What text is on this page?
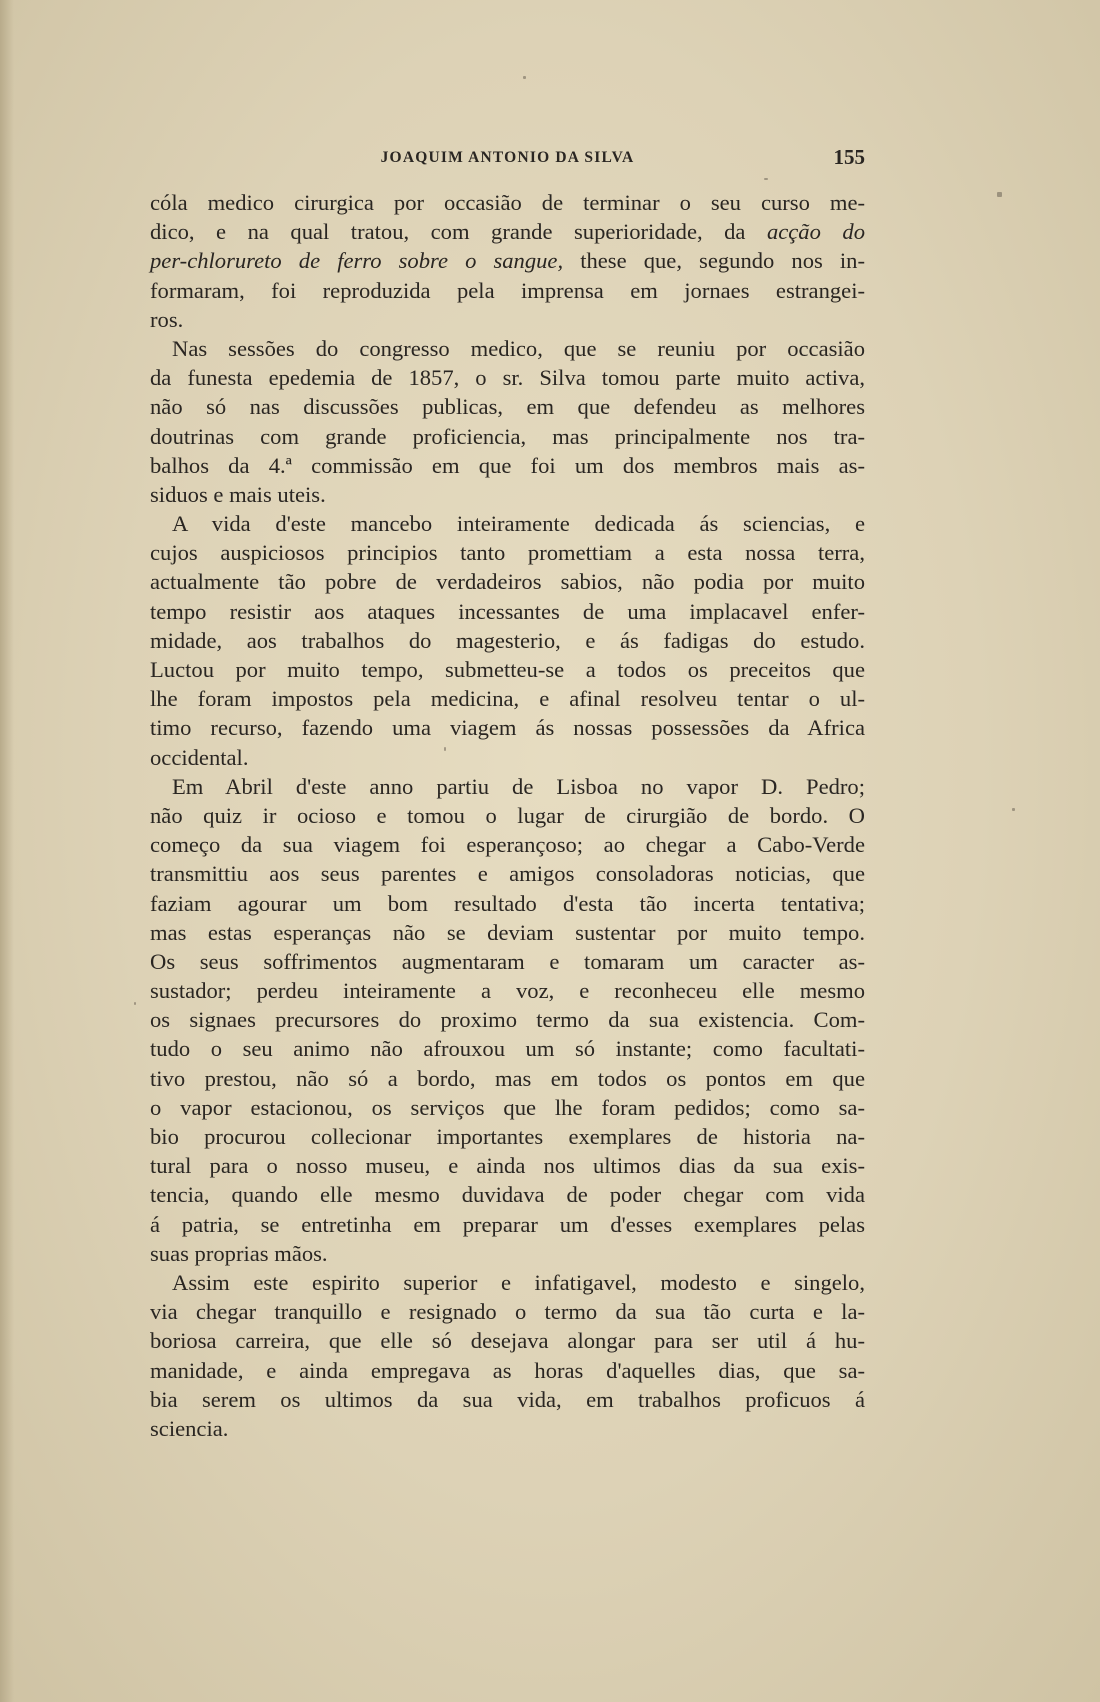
JOAQUIM ANTONIO DA SILVA	155
cóla medico cirurgica por occasião de terminar o seu curso me-
dico, e na qual tratou, com grande superioridade, da acção do
per-chlorureto de ferro sobre o sangue, these que, segundo nos in-
formaram, foi reproduzida pela imprensa em jornaes estrangei-
ros.
Nas sessões do congresso medico, que se reuniu por occasião
da funesta epedemia de 1857, o sr. Silva tomou parte muito activa,
não só nas discussões publicas, em que defendeu as melhores
doutrinas com grande proficiencia, mas principalmente nos tra-
balhos da 4.ª commissão em que foi um dos membros mais as-
siduos e mais uteis.
A vida d'este mancebo inteiramente dedicada ás sciencias, e
cujos auspiciosos principios tanto promettiam a esta nossa terra,
actualmente tão pobre de verdadeiros sabios, não podia por muito
tempo resistir aos ataques incessantes de uma implacavel enfer-
midade, aos trabalhos do magesterio, e ás fadigas do estudo.
Luctou por muito tempo, submetteu-se a todos os preceitos que
lhe foram impostos pela medicina, e afinal resolveu tentar o ul-
timo recurso, fazendo uma viagem ás nossas possessões da Africa
occidental.
Em Abril d'este anno partiu de Lisboa no vapor D. Pedro;
não quiz ir ocioso e tomou o lugar de cirurgião de bordo. O
começo da sua viagem foi esperançoso; ao chegar a Cabo-Verde
transmittiu aos seus parentes e amigos consoladoras noticias, que
faziam agourar um bom resultado d'esta tão incerta tentativa;
mas estas esperanças não se deviam sustentar por muito tempo.
Os seus soffrimentos augmentaram e tomaram um caracter as-
sustador; perdeu inteiramente a voz, e reconheceu elle mesmo
os signaes precursores do proximo termo da sua existencia. Com-
tudo o seu animo não afrouxou um só instante; como facultati-
tivo prestou, não só a bordo, mas em todos os pontos em que
o vapor estacionou, os serviços que lhe foram pedidos; como sa-
bio procurou collecionar importantes exemplares de historia na-
tural para o nosso museu, e ainda nos ultimos dias da sua exis-
tencia, quando elle mesmo duvidava de poder chegar com vida
á patria, se entretinha em preparar um d'esses exemplares pelas
suas proprias mãos.
Assim este espirito superior e infatigavel, modesto e singelo,
via chegar tranquillo e resignado o termo da sua tão curta e la-
boriosa carreira, que elle só desejava alongar para ser util á hu-
manidade, e ainda empregava as horas d'aquelles dias, que sa-
bia serem os ultimos da sua vida, em trabalhos proficuos á
sciencia.
